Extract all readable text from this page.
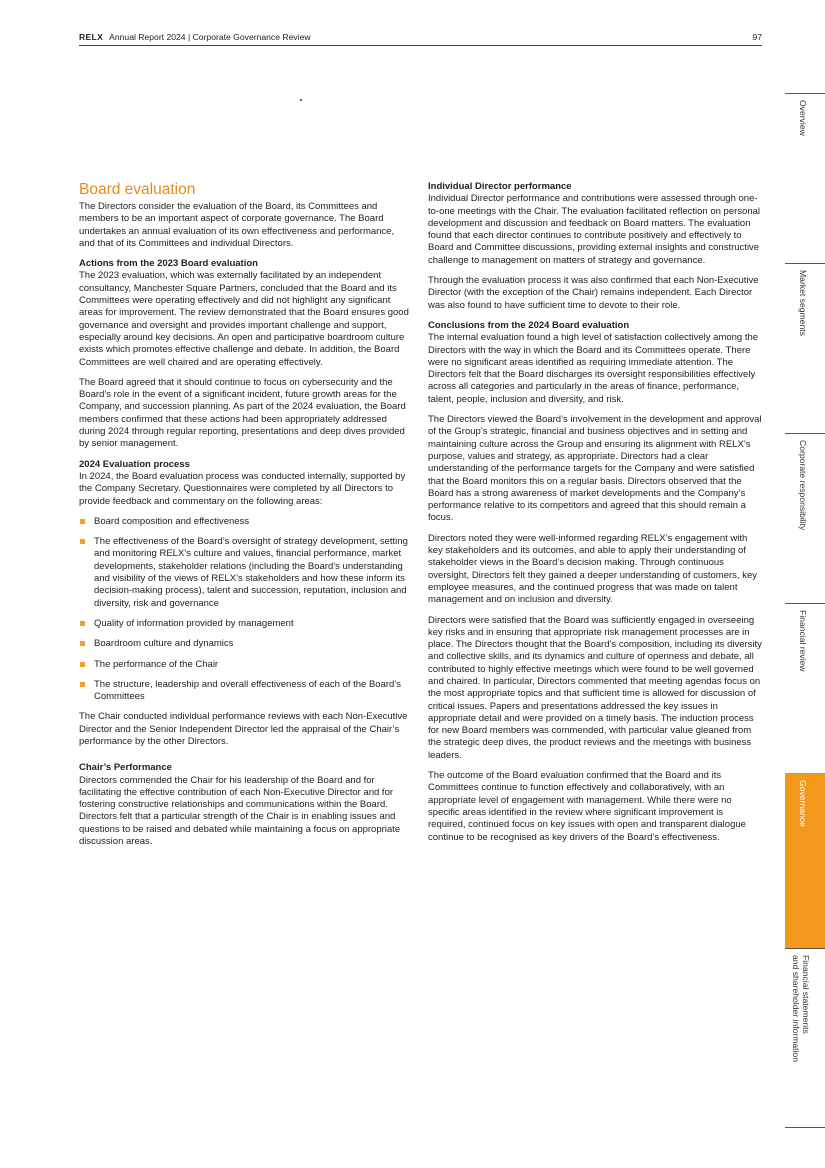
RELX Annual Report 2024 | Corporate Governance Review	97
Board evaluation

The Directors consider the evaluation of the Board, its Committees and members to be an important aspect of corporate governance. The Board undertakes an annual evaluation of its own effectiveness and performance, and that of its Committees and individual Directors.

Actions from the 2023 Board evaluation

The 2023 evaluation, which was externally facilitated by an independent consultancy, Manchester Square Partners, concluded that the Board and its Committees were operating effectively and did not highlight any significant areas for improvement. The review demonstrated that the Board ensures good governance and oversight and provides important challenge and support, especially around key decisions. An open and participative boardroom culture exists which promotes effective challenge and debate. In addition, the Board Committees are well chaired and are operating effectively.

The Board agreed that it should continue to focus on cybersecurity and the Board’s role in the event of a significant incident, future growth areas for the Company, and succession planning. As part of the 2024 evaluation, the Board members confirmed that these actions had been appropriately addressed during 2024 through regular reporting, presentations and deep dives provided by senior management.

2024 Evaluation process

In 2024, the Board evaluation process was conducted internally, supported by the Company Secretary. Questionnaires were completed by all Directors to provide feedback and commentary on the following areas:

Board composition and effectiveness
The effectiveness of the Board’s oversight of strategy development, setting and monitoring RELX’s culture and values, financial performance, market developments, stakeholder relations (including the Board’s understanding and visibility of the views of RELX’s stakeholders and how these inform its decision-making process), talent and succession, reputation, inclusion and diversity, risk and governance
Quality of information provided by management
Boardroom culture and dynamics
The performance of the Chair
The structure, leadership and overall effectiveness of each of the Board’s Committees

The Chair conducted individual performance reviews with each Non-Executive Director and the Senior Independent Director led the appraisal of the Chair’s performance by the other Directors.

Chair’s Performance

Directors commended the Chair for his leadership of the Board and for facilitating the effective contribution of each Non-Executive Director and for fostering constructive relationships and communications within the Board. Directors felt that a particular strength of the Chair is in enabling issues and questions to be raised and debated while maintaining a focus on appropriate discussion areas.

Individual Director performance

Individual Director performance and contributions were assessed through one-to-one meetings with the Chair. The evaluation facilitated reflection on personal development and discussion and feedback on Board matters. The evaluation found that each director continues to contribute positively and effectively to Board and Committee discussions, providing external insights and constructive challenge to management on matters of strategy and governance.

Through the evaluation process it was also confirmed that each Non-Executive Director (with the exception of the Chair) remains independent. Each Director was also found to have sufficient time to devote to their role.

Conclusions from the 2024 Board evaluation

The internal evaluation found a high level of satisfaction collectively among the Directors with the way in which the Board and its Committees operate. There were no significant areas identified as requiring immediate attention. The Directors felt that the Board discharges its oversight responsibilities effectively across all categories and particularly in the areas of finance, performance, talent, people, inclusion and diversity, and risk.

The Directors viewed the Board’s involvement in the development and approval of the Group’s strategic, financial and business objectives and in setting and maintaining culture across the Group and ensuring its alignment with RELX’s purpose, values and strategy, as appropriate. Directors had a clear understanding of the performance targets for the Company and were satisfied that the Board monitors this on a regular basis. Directors observed that the Board has a strong awareness of market developments and the Company’s performance relative to its competitors and agreed that this should remain a focus.

Directors noted they were well-informed regarding RELX’s engagement with key stakeholders and its outcomes, and able to apply their understanding of stakeholder views in the Board’s decision making. Through continuous oversight, Directors felt they gained a deeper understanding of customers, key employee measures, and the continued progress that was made on talent management and on inclusion and diversity.

Directors were satisfied that the Board was sufficiently engaged in overseeing key risks and in ensuring that appropriate risk management processes are in place. The Directors thought that the Board’s composition, including its diversity and collective skills, and its dynamics and culture of openness and debate, all contributed to highly effective meetings which were found to be well governed and chaired. In particular, Directors commented that meeting agendas focus on the most appropriate topics and that sufficient time is allowed for discussion of critical issues. Papers and presentations addressed the key issues in appropriate detail and were provided on a timely basis. The induction process for new Board members was commended, with particular value gleaned from the strategic deep dives, the product reviews and the meetings with business leaders.

The outcome of the Board evaluation confirmed that the Board and its Committees continue to function effectively and collaboratively, with an appropriate level of engagement with management. While there were no specific areas identified in the review where significant improvement is required, continued focus on key issues with open and transparent dialogue continue to be recognised as key drivers of the Board’s effectiveness.

Overview
Market segments
Corporate responsibility
Financial review
Governance
Financial statements
and shareholder information
